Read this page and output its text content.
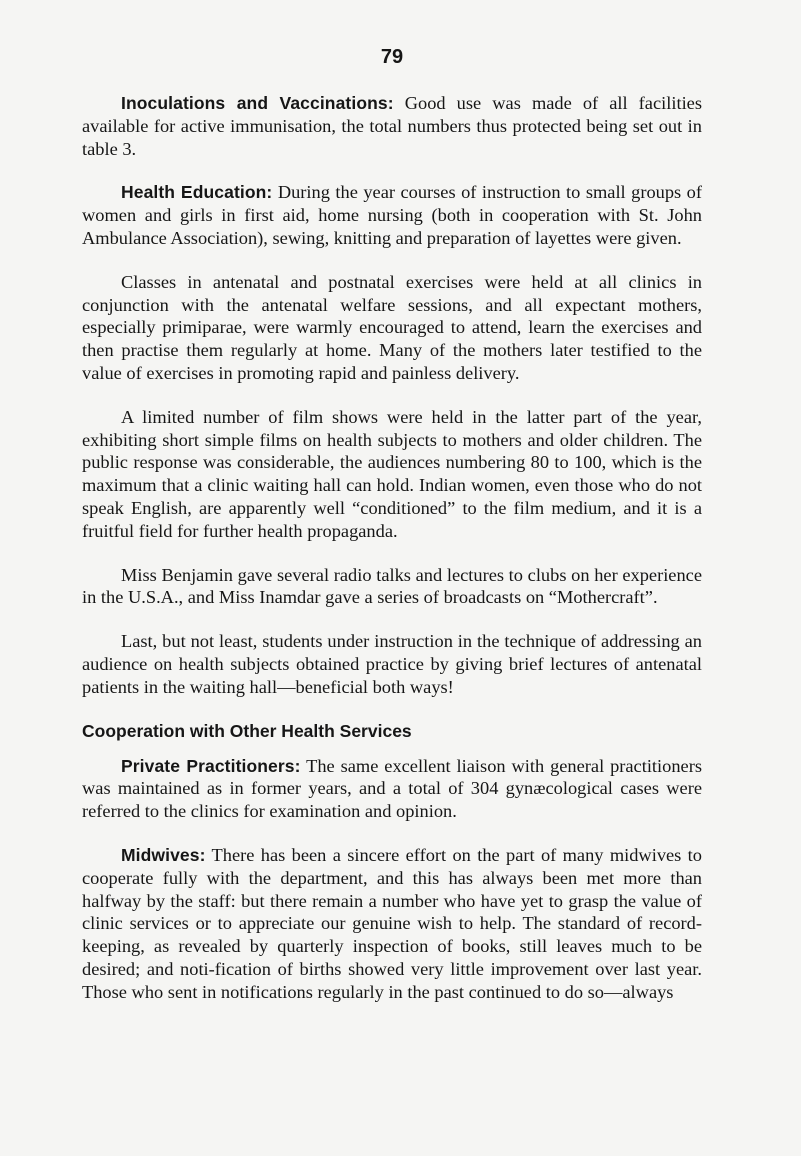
79

Inoculations and Vaccinations: Good use was made of all facilities available for active immunisation, the total numbers thus protected being set out in table 3.

Health Education: During the year courses of instruction to small groups of women and girls in first aid, home nursing (both in cooperation with St. John Ambulance Association), sewing, knitting and preparation of layettes were given.

Classes in antenatal and postnatal exercises were held at all clinics in conjunction with the antenatal welfare sessions, and all expectant mothers, especially primiparae, were warmly encouraged to attend, learn the exercises and then practise them regularly at home. Many of the mothers later testified to the value of exercises in promoting rapid and painless delivery.

A limited number of film shows were held in the latter part of the year, exhibiting short simple films on health subjects to mothers and older children. The public response was considerable, the audiences numbering 80 to 100, which is the maximum that a clinic waiting hall can hold. Indian women, even those who do not speak English, are apparently well “conditioned” to the film medium, and it is a fruitful field for further health propaganda.

Miss Benjamin gave several radio talks and lectures to clubs on her experience in the U.S.A., and Miss Inamdar gave a series of broadcasts on “Mothercraft”.

Last, but not least, students under instruction in the technique of addressing an audience on health subjects obtained practice by giving brief lectures of antenatal patients in the waiting hall—beneficial both ways!

Cooperation with Other Health Services

Private Practitioners: The same excellent liaison with general practitioners was maintained as in former years, and a total of 304 gynæcological cases were referred to the clinics for examination and opinion.

Midwives: There has been a sincere effort on the part of many midwives to cooperate fully with the department, and this has always been met more than halfway by the staff: but there remain a number who have yet to grasp the value of clinic services or to appreciate our genuine wish to help. The standard of record-keeping, as revealed by quarterly inspection of books, still leaves much to be desired; and noti-fication of births showed very little improvement over last year. Those who sent in notifications regularly in the past continued to do so—always
